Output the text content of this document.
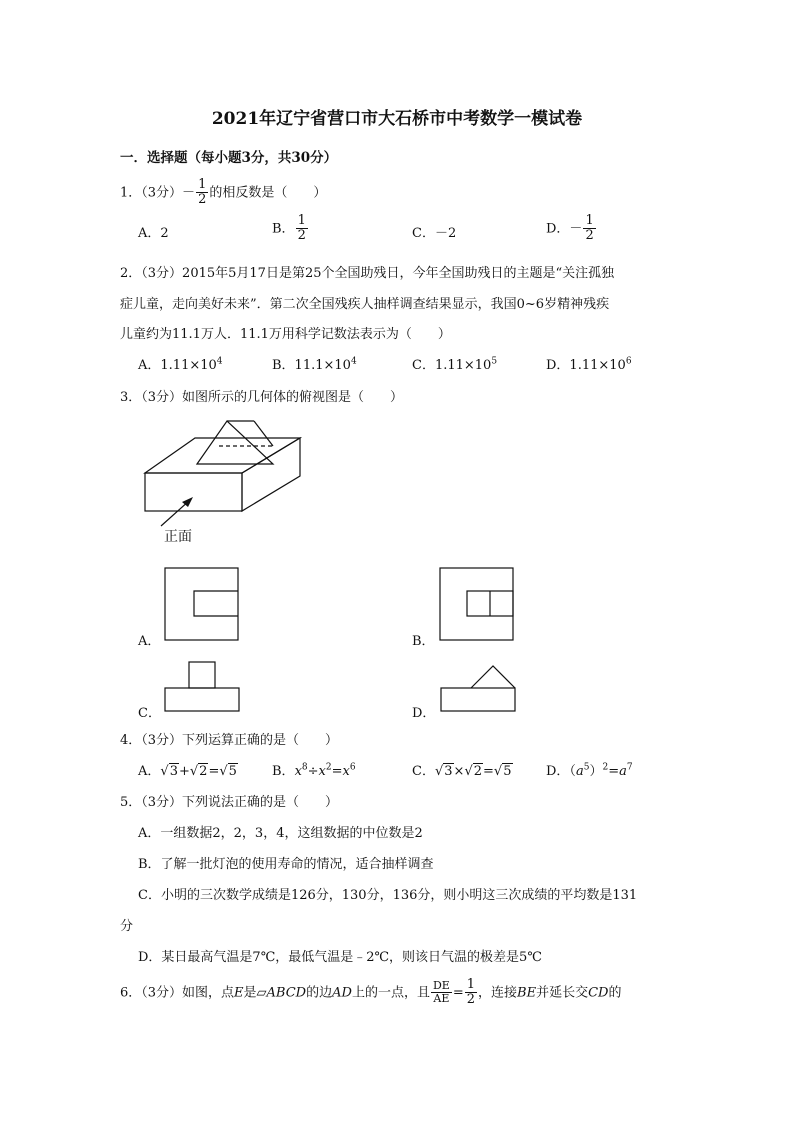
2021年辽宁省营口市大石桥市中考数学一模试卷
一．选择题（每小题3分，共30分）
1．（3分）－ $\frac{1}{2}$ 的相反数是（　　）
A．2	B． $\frac{1}{2}$	C．－2	D．－ $\frac{1}{2}$
2．（3分）2015年5月17日是第25个全国助残日，今年全国助残日的主题是“关注孤独
症儿童，走向美好未来”．第二次全国残疾人抽样调查结果显示，我国0~6岁精神残疾
儿童约为11.1万人．11.1万用科学记数法表示为（　　）
A．$1.11\times 10^4$	B．$11.1\times 10^4$	C．$1.11\times 10^5$	D．$1.11\times 10^6$
3．（3分）如图所示的几何体的俯视图是（　　）
正面
A．	B．
C．	D．
4．（3分）下列运算正确的是（　　）
A．√3+√2=√5	B．$x^8\div x^2=x^6$	C．√3×√2=√5	D．$(a^5)^2=a^7$
5．（3分）下列说法正确的是（　　）
A．一组数据2，2，3，4，这组数据的中位数是2
B．了解一批灯泡的使用寿命的情况，适合抽样调查
C．小明的三次数学成绩是126分，130分，136分，则小明这三次成绩的平均数是131
分
D．某日最高气温是7℃，最低气温是﹣2℃，则该日气温的极差是5℃
6．（3分）如图，点E是▱ABCD的边AD上的一点，且 $\frac{DE}{AE} = \frac{1}{2}$ ，连接BE并延长交CD的
